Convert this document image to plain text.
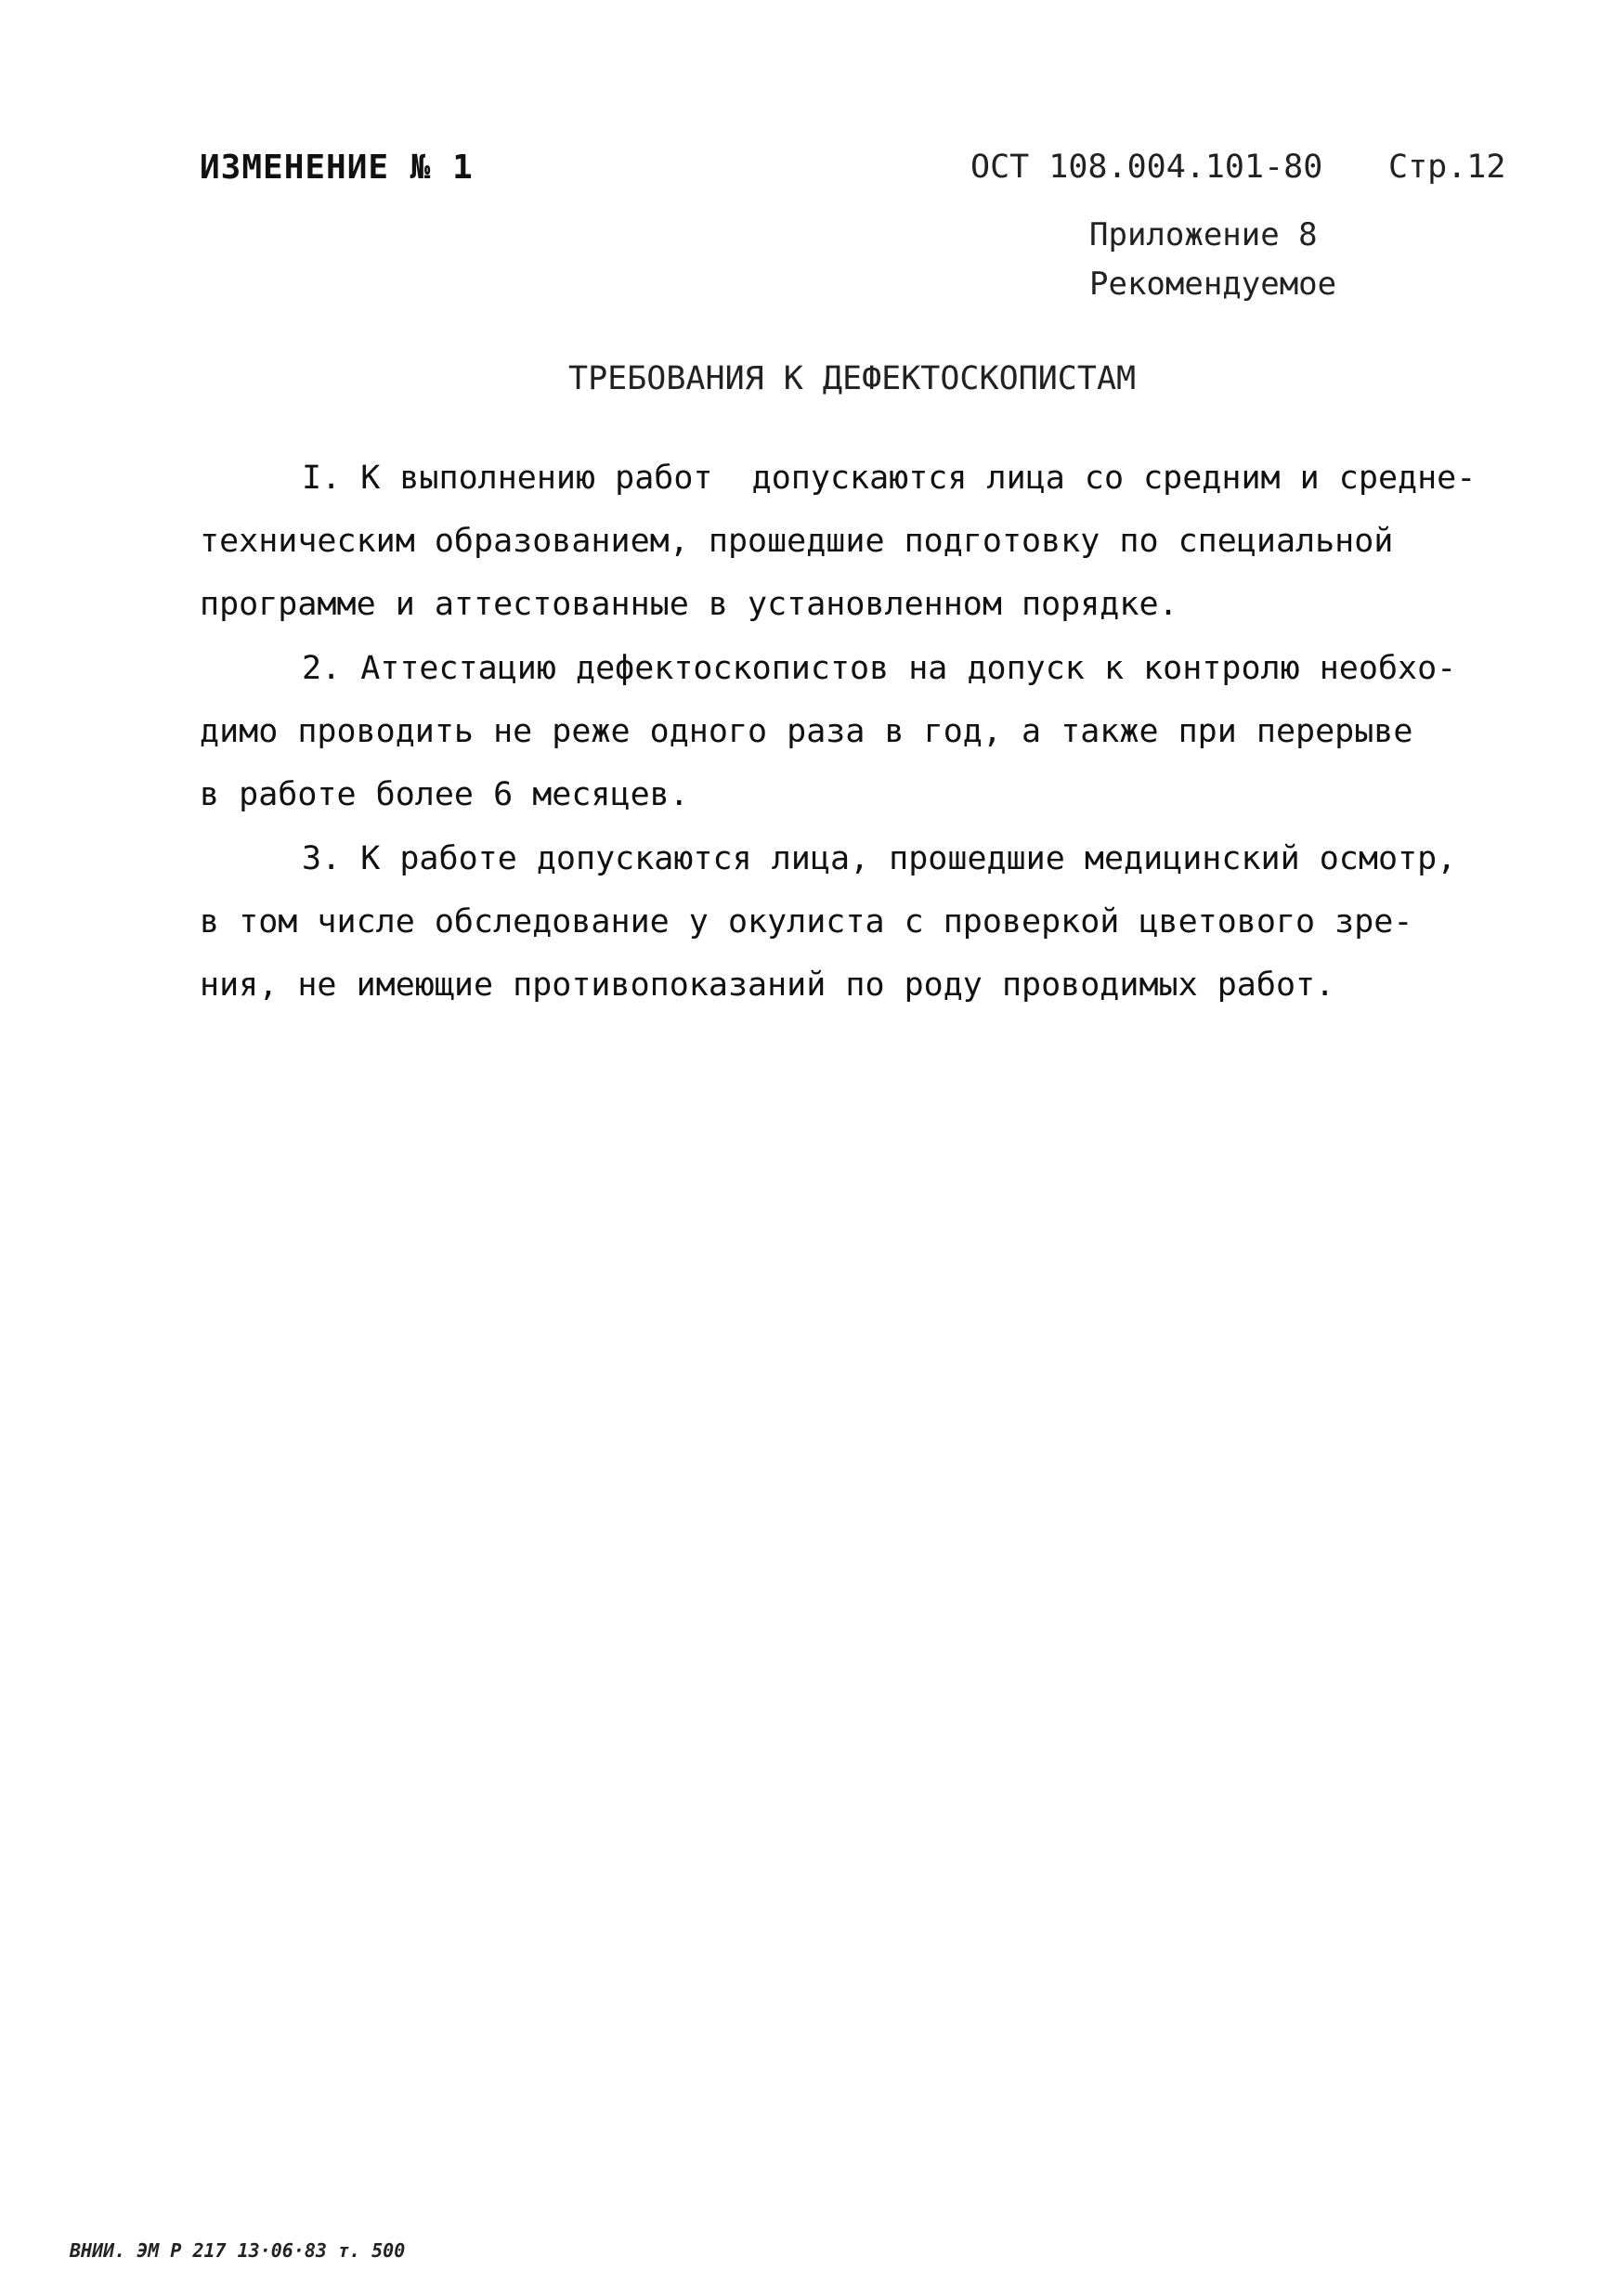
ИЗМЕНЕНИЕ № 1	ОСТ 108.004.101-80 Стр.12
Приложение 8
Рекомендуемое
ТРЕБОВАНИЯ К ДЕФЕКТОСКОПИСТАМ
I. К выполнению работ  допускаются лица со средним и средне-
техническим образованием, прошедшие подготовку по специальной
программе и аттестованные в установленном порядке.
2. Аттестацию дефектоскопистов на допуск к контролю необхо-
димо проводить не реже одного раза в год, а также при перерыве
в работе более 6 месяцев.
3. К работе допускаются лица, прошедшие медицинский осмотр,
в том числе обследование у окулиста с проверкой цветового зре-
ния, не имеющие противопоказаний по роду проводимых работ.
ВНИИ. ЭМ Р 217 13·06·83 т. 500
